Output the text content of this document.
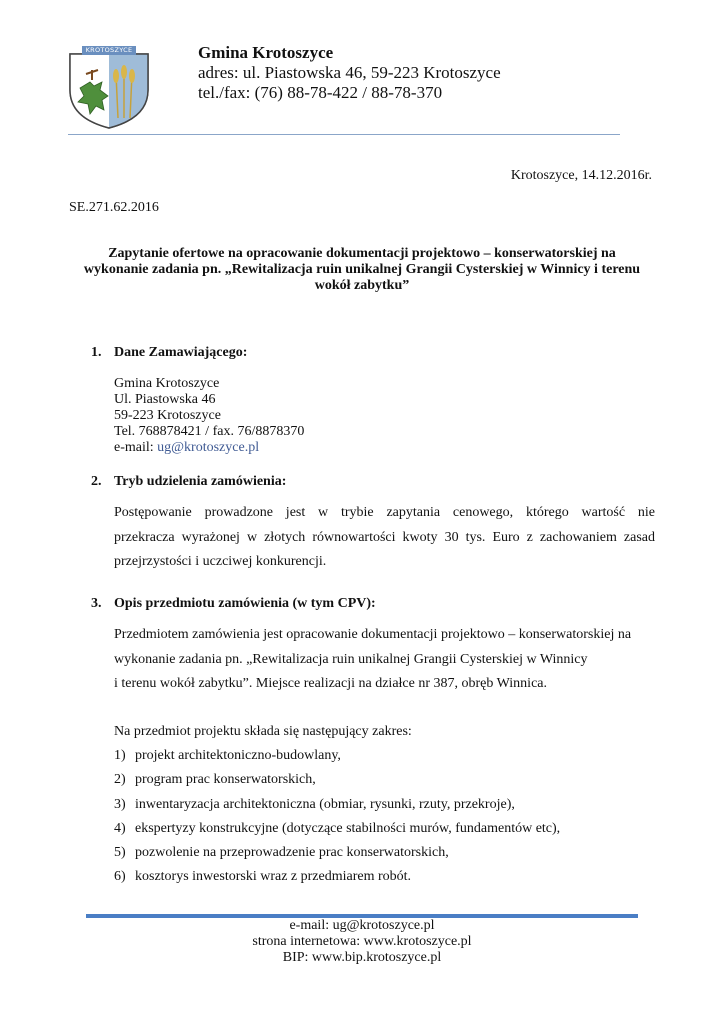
KROTOSZYCE	Gmina Krotoszyce
adres: ul. Piastowska 46, 59-223 Krotoszyce
tel./fax: (76) 88-78-422 / 88-78-370
Krotoszyce, 14.12.2016r.
SE.271.62.2016
Zapytanie ofertowe na opracowanie dokumentacji projektowo – konserwatorskiej na
wykonanie zadania pn. „Rewitalizacja ruin unikalnej Grangii Cysterskiej w Winnicy i terenu
wokół zabytku”
1. Dane Zamawiającego:
Gmina Krotoszyce
Ul. Piastowska 46
59-223 Krotoszyce
Tel. 768878421 / fax. 76/8878370
e-mail: ug@krotoszyce.pl
2. Tryb udzielenia zamówienia:
Postępowanie prowadzone jest w trybie zapytania cenowego, którego wartość nie
przekracza wyrażonej w złotych równowartości kwoty 30 tys. Euro z zachowaniem zasad
przejrzystości i uczciwej konkurencji.
3. Opis przedmiotu zamówienia (w tym CPV):
Przedmiotem zamówienia jest opracowanie dokumentacji projektowo – konserwatorskiej na
wykonanie zadania pn. „Rewitalizacja ruin unikalnej Grangii Cysterskiej w Winnicy
i terenu wokół zabytku”. Miejsce realizacji na działce nr 387, obręb Winnica.
Na przedmiot projektu składa się następujący zakres:
1) projekt architektoniczno-budowlany,
2) program prac konserwatorskich,
3) inwentaryzacja architektoniczna (obmiar, rysunki, rzuty, przekroje),
4) ekspertyzy konstrukcyjne (dotyczące stabilności murów, fundamentów etc),
5) pozwolenie na przeprowadzenie prac konserwatorskich,
6) kosztorys inwestorski wraz z przedmiarem robót.
e-mail: ug@krotoszyce.pl
strona internetowa: www.krotoszyce.pl
BIP: www.bip.krotoszyce.pl
